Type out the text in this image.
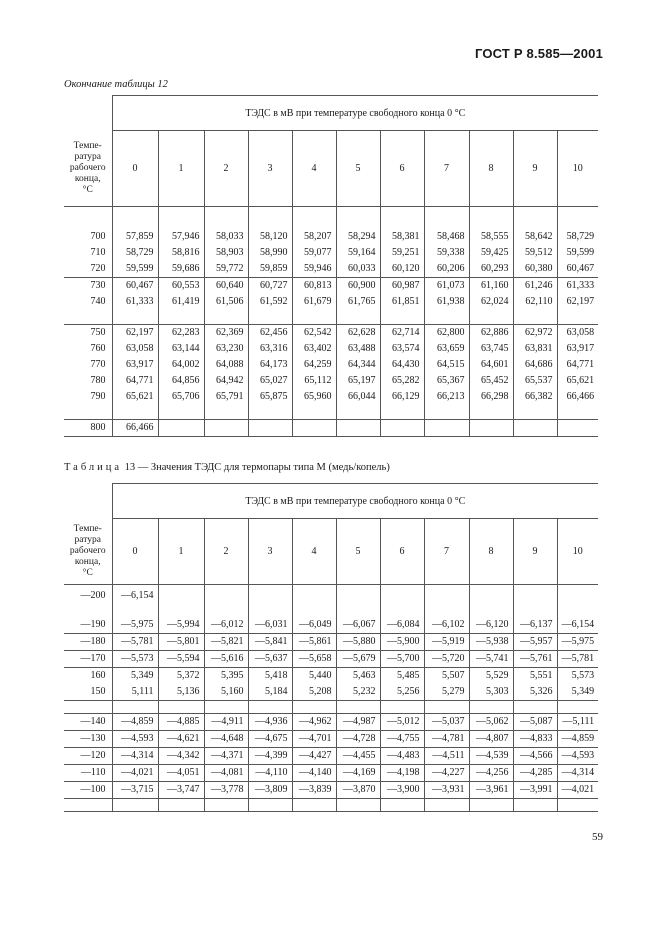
ГОСТ Р 8.585—2001
Окончание таблицы 12
	ТЭДС в мВ при температуре свободного конца 0 °С										
Темпе-
ратура
рабочего
конца,
°С	0	1	2	3	4	5	6	7	8	9	10

700	57,859	57,946	58,033	58,120	58,207	58,294	58,381	58,468	58,555	58,642	58,729
710	58,729	58,816	58,903	58,990	59,077	59,164	59,251	59,338	59,425	59,512	59,599
720	59,599	59,686	59,772	59,859	59,946	60,033	60,120	60,206	60,293	60,380	60,467
730	60,467	60,553	60,640	60,727	60,813	60,900	60,987	61,073	61,160	61,246	61,333
740	61,333	61,419	61,506	61,592	61,679	61,765	61,851	61,938	62,024	62,110	62,197

750	62,197	62,283	62,369	62,456	62,542	62,628	62,714	62,800	62,886	62,972	63,058
760	63,058	63,144	63,230	63,316	63,402	63,488	63,574	63,659	63,745	63,831	63,917
770	63,917	64,002	64,088	64,173	64,259	64,344	64,430	64,515	64,601	64,686	64,771
780	64,771	64,856	64,942	65,027	65,112	65,197	65,282	65,367	65,452	65,537	65,621
790	65,621	65,706	65,791	65,875	65,960	66,044	66,129	66,213	66,298	66,382	66,466

800	66,466										
Таблица 13 — Значения ТЭДС для термопары типа М (медь/копель)
	ТЭДС в мВ при температуре свободного конца 0 °С										
Темпе-
ратура
рабочего
конца,
°С	0	1	2	3	4	5	6	7	8	9	10
—200	—6,154										

—190	—5,975	—5,994	—6,012	—6,031	—6,049	—6,067	—6,084	—6,102	—6,120	—6,137	—6,154
—180	—5,781	—5,801	—5,821	—5,841	—5,861	—5,880	—5,900	—5,919	—5,938	—5,957	—5,975
—170	—5,573	—5,594	—5,616	—5,637	—5,658	—5,679	—5,700	—5,720	—5,741	—5,761	—5,781
160	5,349	5,372	5,395	5,418	5,440	5,463	5,485	5,507	5,529	5,551	5,573
150	5,111	5,136	5,160	5,184	5,208	5,232	5,256	5,279	5,303	5,326	5,349

—140	—4,859	—4,885	—4,911	—4,936	—4,962	—4,987	—5,012	—5,037	—5,062	—5,087	—5,111
—130	—4,593	—4,621	—4,648	—4,675	—4,701	—4,728	—4,755	—4,781	—4,807	—4,833	—4,859
—120	—4,314	—4,342	—4,371	—4,399	—4,427	—4,455	—4,483	—4,511	—4,539	—4,566	—4,593
—110	—4,021	—4,051	—4,081	—4,110	—4,140	—4,169	—4,198	—4,227	—4,256	—4,285	—4,314
—100	—3,715	—3,747	—3,778	—3,809	—3,839	—3,870	—3,900	—3,931	—3,961	—3,991	—4,021

59
